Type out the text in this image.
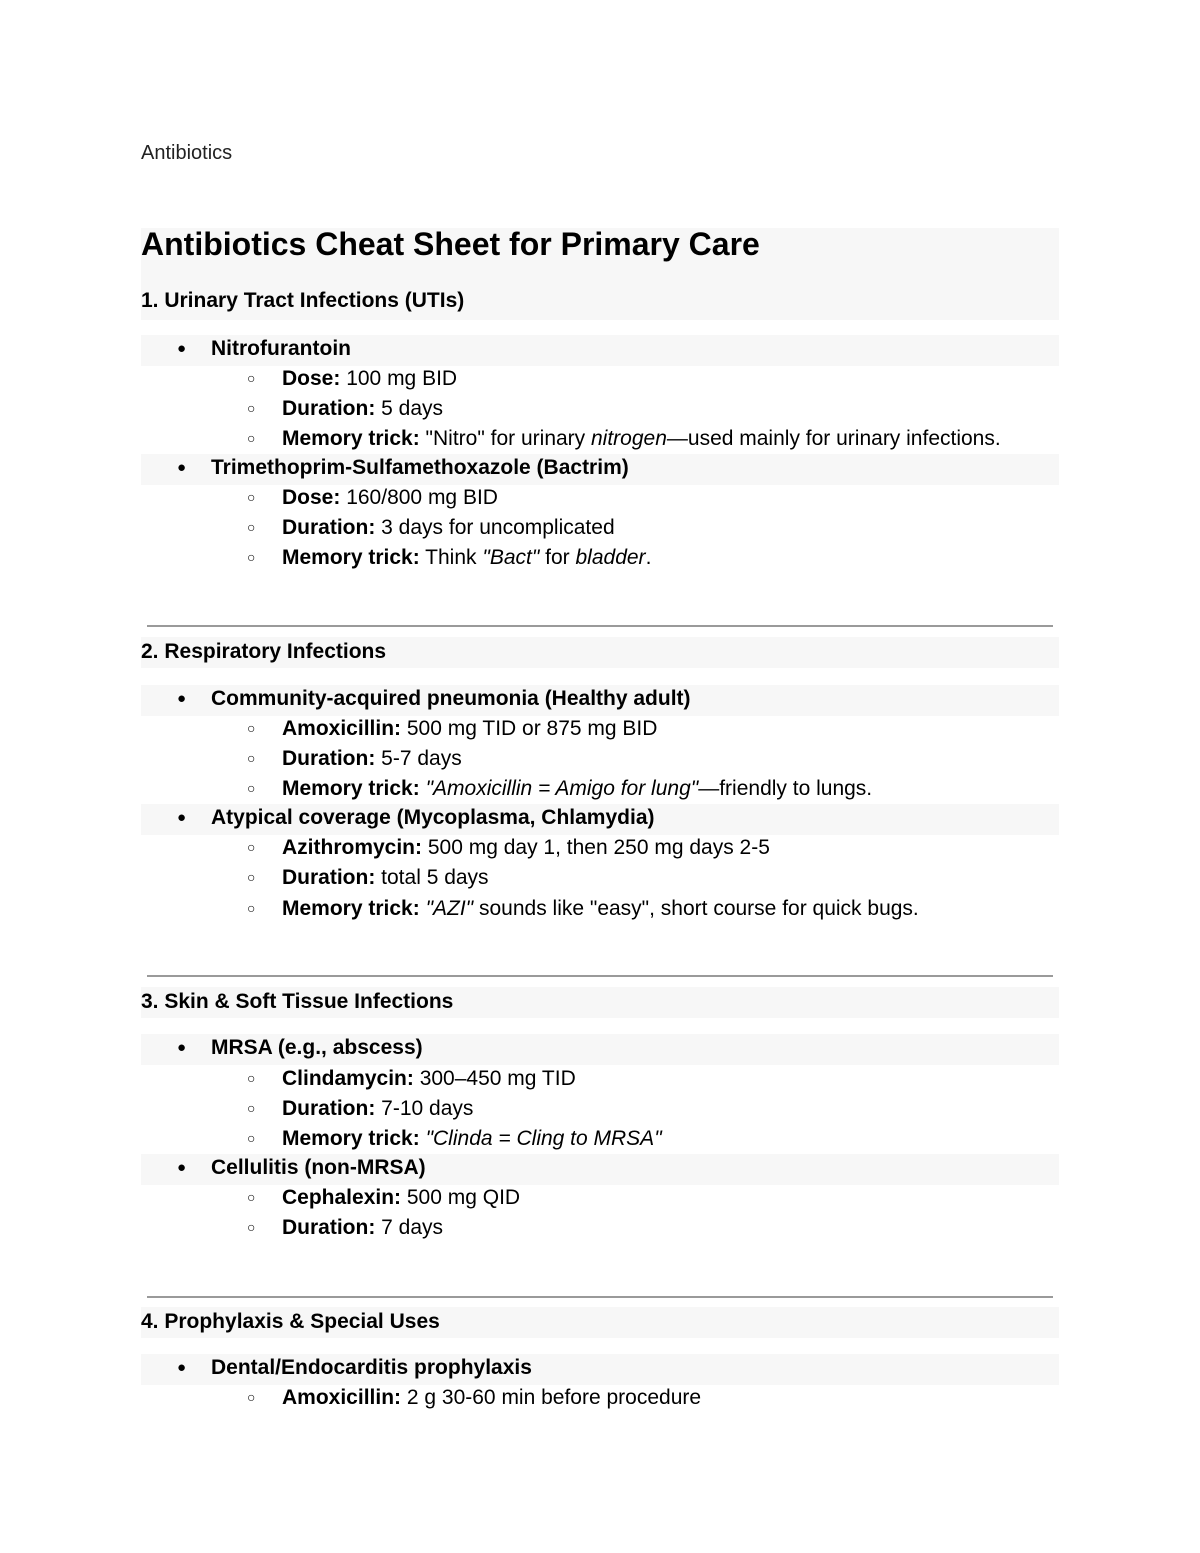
Antibiotics
Antibiotics Cheat Sheet for Primary Care
1. Urinary Tract Infections (UTIs)
● Nitrofurantoin
○ Dose: 100 mg BID
○ Duration: 5 days
○ Memory trick: "Nitro" for urinary nitrogen—used mainly for urinary infections.
● Trimethoprim-Sulfamethoxazole (Bactrim)
○ Dose: 160/800 mg BID
○ Duration: 3 days for uncomplicated
○ Memory trick: Think "Bact" for bladder.
2. Respiratory Infections
● Community-acquired pneumonia (Healthy adult)
○ Amoxicillin: 500 mg TID or 875 mg BID
○ Duration: 5-7 days
○ Memory trick: "Amoxicillin = Amigo for lung"—friendly to lungs.
● Atypical coverage (Mycoplasma, Chlamydia)
○ Azithromycin: 500 mg day 1, then 250 mg days 2-5
○ Duration: total 5 days
○ Memory trick: "AZI" sounds like "easy", short course for quick bugs.
3. Skin & Soft Tissue Infections
● MRSA (e.g., abscess)
○ Clindamycin: 300–450 mg TID
○ Duration: 7-10 days
○ Memory trick: "Clinda = Cling to MRSA"
● Cellulitis (non-MRSA)
○ Cephalexin: 500 mg QID
○ Duration: 7 days
4. Prophylaxis & Special Uses
● Dental/Endocarditis prophylaxis
○ Amoxicillin: 2 g 30-60 min before procedure
